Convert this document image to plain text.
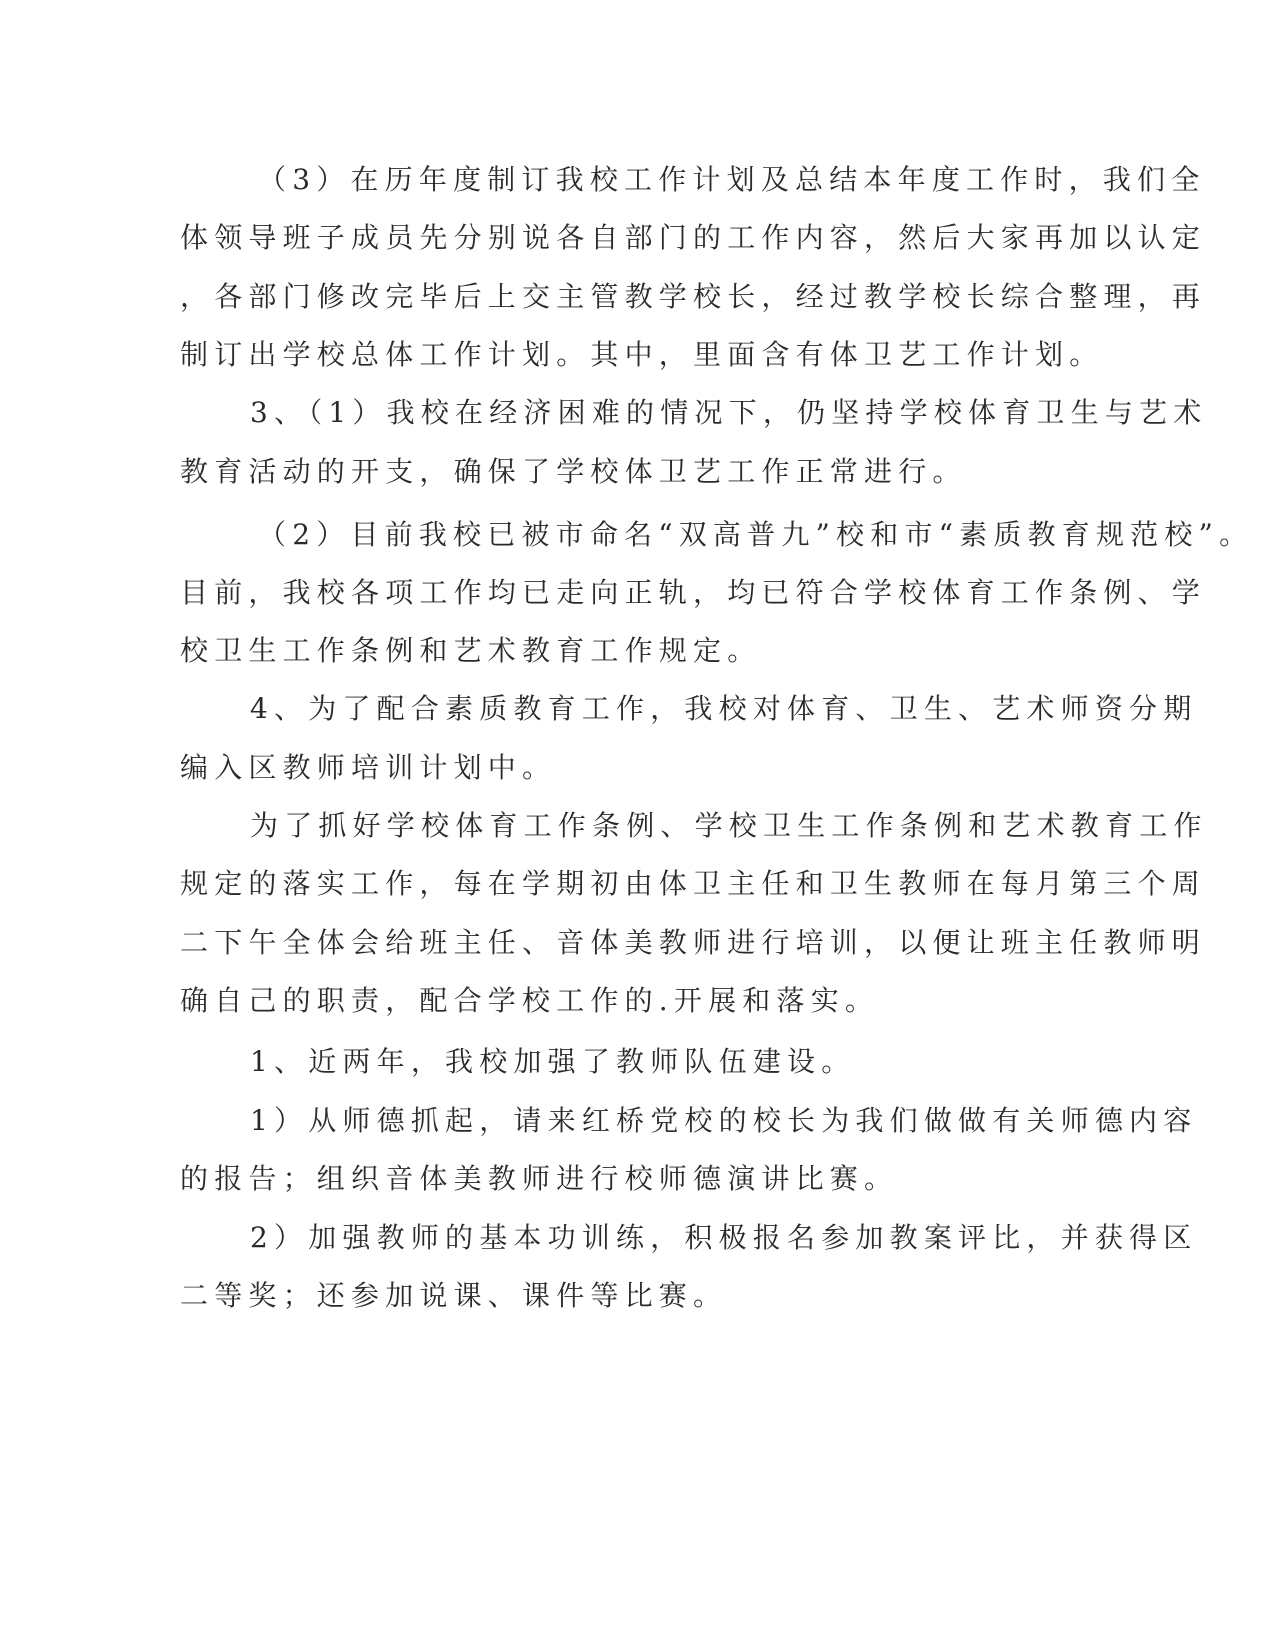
（3）在历年度制订我校工作计划及总结本年度工作时，我们全
体领导班子成员先分别说各自部门的工作内容，然后大家再加以认定
，各部门修改完毕后上交主管教学校长，经过教学校长综合整理，再
制订出学校总体工作计划。其中，里面含有体卫艺工作计划。
3、（1）我校在经济困难的情况下，仍坚持学校体育卫生与艺术
教育活动的开支，确保了学校体卫艺工作正常进行。
（2）目前我校已被市命名“双高普九”校和市“素质教育规范校”。
目前，我校各项工作均已走向正轨，均已符合学校体育工作条例、学
校卫生工作条例和艺术教育工作规定。
4、为了配合素质教育工作，我校对体育、卫生、艺术师资分期
编入区教师培训计划中。
为了抓好学校体育工作条例、学校卫生工作条例和艺术教育工作
规定的落实工作，每在学期初由体卫主任和卫生教师在每月第三个周
二下午全体会给班主任、音体美教师进行培训，以便让班主任教师明
确自己的职责，配合学校工作的.开展和落实。
1、近两年，我校加强了教师队伍建设。
1）从师德抓起，请来红桥党校的校长为我们做做有关师德内容
的报告；组织音体美教师进行校师德演讲比赛。
2）加强教师的基本功训练，积极报名参加教案评比，并获得区
二等奖；还参加说课、课件等比赛。
